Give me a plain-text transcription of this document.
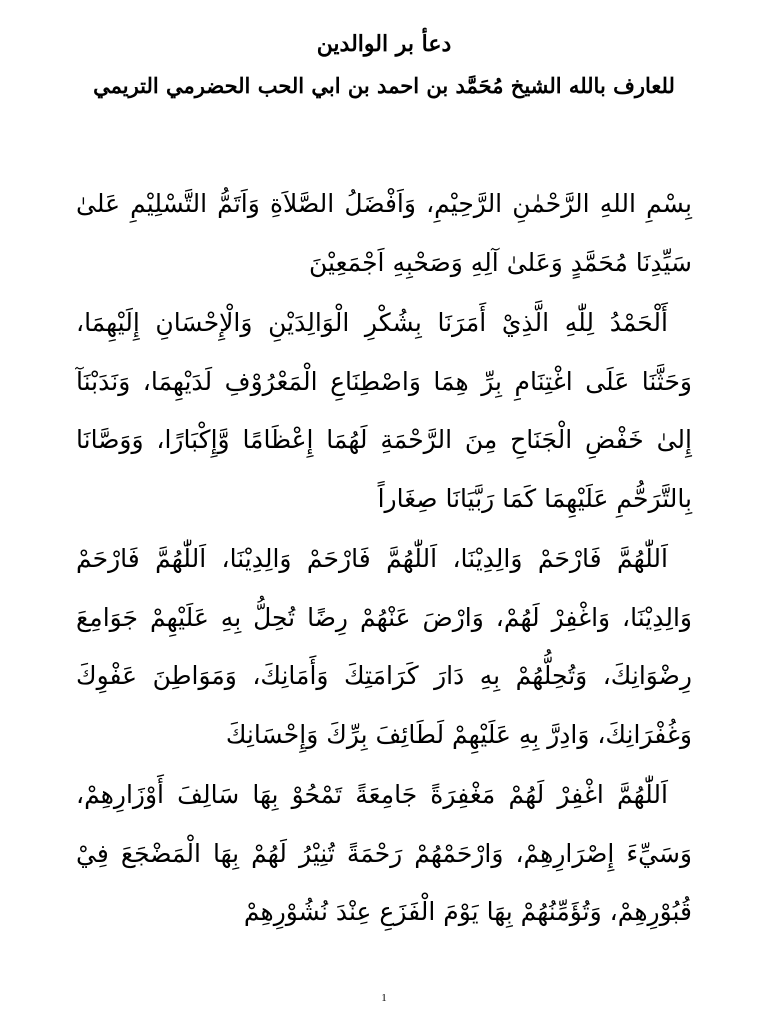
دعأ بر الوالدين

للعارف بالله الشيخ مُحَمَّد بن احمد بن ابي الحب الحضرمي التريمي

بِسْمِ اللهِ الرَّحْمٰنِ الرَّحِيْمِ، وَاَفْضَلُ الصَّلاَةِ وَاَتَمُّ التَّسْلِيْمِ عَلىٰ سَيِّدِنَا مُحَمَّدٍ وَعَلىٰ آلِهِ وَصَحْبِهِ اَجْمَعِيْنَ

أَلْحَمْدُ لِلّٰهِ الَّذِيْ أَمَرَنَا بِشُكْرِ الْوَالِدَيْنِ وَالْإِحْسَانِ إِلَيْهِمَا، وَحَثَّنَا عَلَى اغْتِنَامِ بِرِّ هِمَا وَاصْطِنَاعِ الْمَعْرُوْفِ لَدَيْهِمَا، وَنَدَبْنَآ إِلىٰ خَفْضِ الْجَنَاحِ مِنَ الرَّحْمَةِ لَهُمَا إِعْظَامًا وَّإِكْبَارًا، وَوَصَّانَا بِالتَّرَحُّمِ عَلَيْهِمَا كَمَا رَبَّيَانَا صِغَاراً

اَللّٰهُمَّ فَارْحَمْ وَالِدِيْنَا، اَللّٰهُمَّ فَارْحَمْ وَالِدِيْنَا، اَللّٰهُمَّ فَارْحَمْ وَالِدِيْنَا، وَاغْفِرْ لَهُمْ، وَارْضَ عَنْهُمْ رِضًا تُحِلُّ بِهِ عَلَيْهِمْ جَوَامِعَ رِضْوَانِكَ، وَتُحِلُّهُمْ بِهِ دَارَ كَرَامَتِكَ وَأَمَانِكَ، وَمَوَاطِنَ عَفْوِكَ وَغُفْرَانِكَ، وَادِرَّ بِهِ عَلَيْهِمْ لَطَائِفَ بِرِّكَ وَإِحْسَانِكَ

اَللّٰهُمَّ اغْفِرْ لَهُمْ مَغْفِرَةً جَامِعَةً تَمْحُوْ بِهَا سَالِفَ أَوْزَارِهِمْ، وَسَيِّءَ إِصْرَارِهِمْ، وَارْحَمْهُمْ رَحْمَةً تُنِيْرُ لَهُمْ بِهَا الْمَضْجَعَ فِيْ قُبُوْرِهِمْ، وَتُؤَمِّنُهُمْ بِهَا يَوْمَ الْفَزَعِ عِنْدَ نُشُوْرِهِمْ

1
